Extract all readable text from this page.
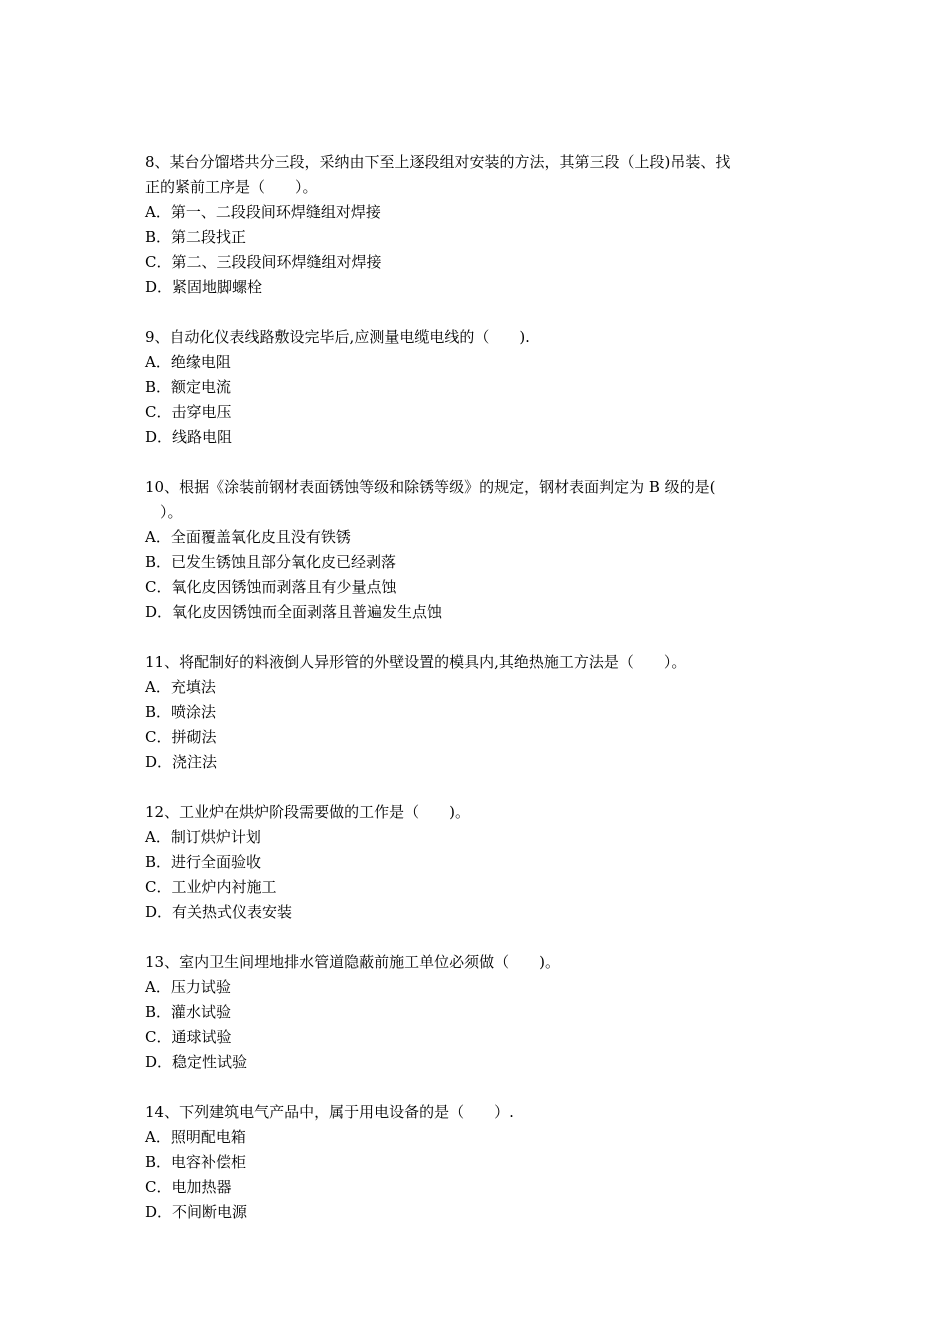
8、某台分馏塔共分三段，采纳由下至上逐段组对安装的方法，其第三段（上段)吊装、找

正的紧前工序是（　　）。

A．第一、二段段间环焊缝组对焊接

B．第二段找正

C．第二、三段段间环焊缝组对焊接

D．紧固地脚螺栓

9、自动化仪表线路敷设完毕后,应测量电缆电线的（　　).

A．绝缘电阻

B．额定电流

C．击穿电压

D．线路电阻

10、根据《涂装前钢材表面锈蚀等级和除锈等级》的规定，钢材表面判定为 B 级的是(

　）。

A．全面覆盖氧化皮且没有铁锈

B．已发生锈蚀且部分氧化皮已经剥落

C．氧化皮因锈蚀而剥落且有少量点蚀

D．氧化皮因锈蚀而全面剥落且普遍发生点蚀

11、将配制好的料液倒人异形管的外壁设置的模具内,其绝热施工方法是（　　）。

A．充填法

B．喷涂法

C．拼砌法

D．浇注法

12、工业炉在烘炉阶段需要做的工作是（　　)。

A．制订烘炉计划

B．进行全面验收

C．工业炉内衬施工

D．有关热式仪表安装

13、室内卫生间埋地排水管道隐蔽前施工单位必须做（　　)。

A．压力试验

B．灌水试验

C．通球试验

D．稳定性试验

14、下列建筑电气产品中，属于用电设备的是（　　）.

A．照明配电箱

B．电容补偿柜

C．电加热器

D．不间断电源
